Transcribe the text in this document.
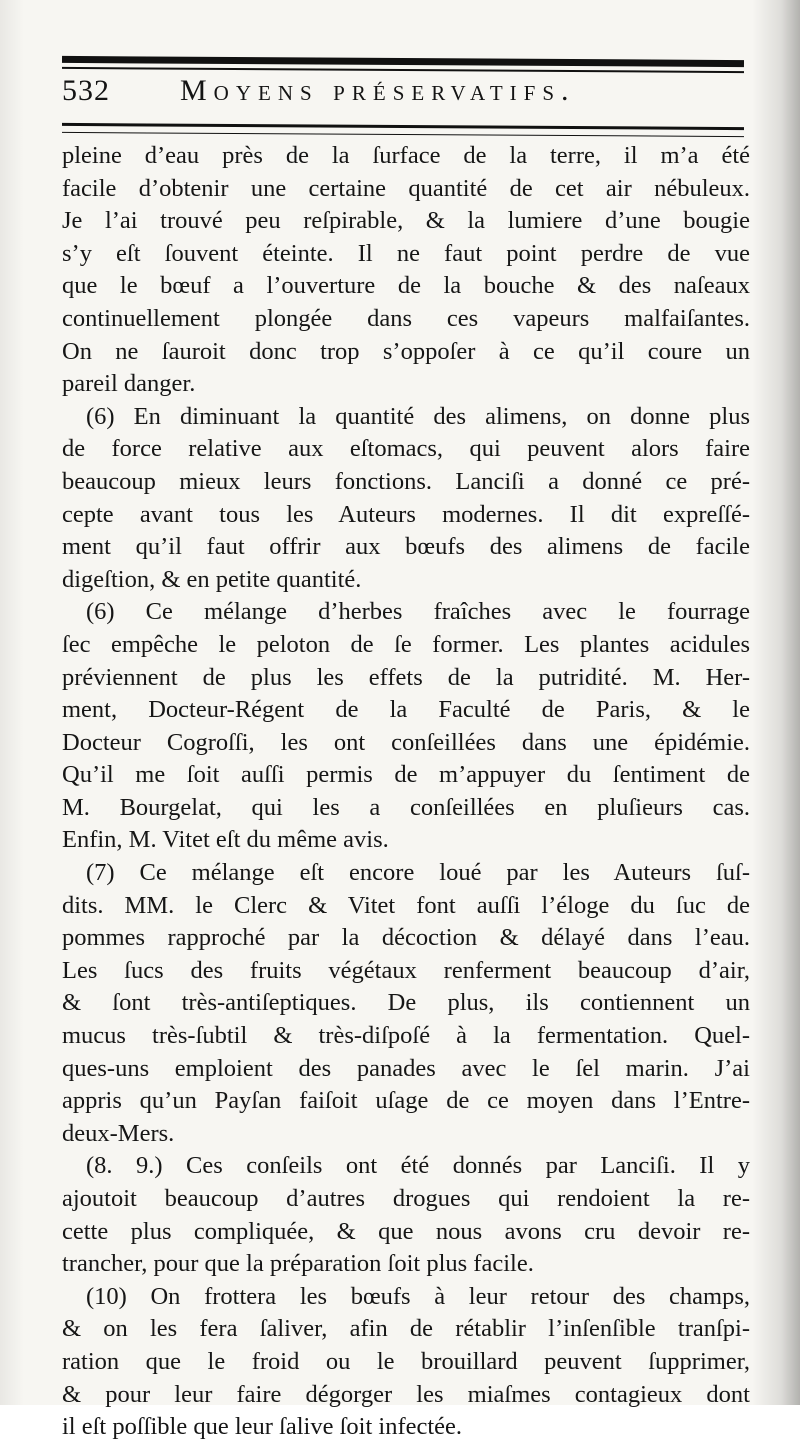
532 Moyens préservatifs.
pleine d’eau près de la ſurface de la terre, il m’a été
facile d’obtenir une certaine quantité de cet air nébuleux.
Je l’ai trouvé peu reſpirable, & la lumiere d’une bougie
s’y eſt ſouvent éteinte. Il ne faut point perdre de vue
que le bœuf a l’ouverture de la bouche & des naſeaux
continuellement plongée dans ces vapeurs malfaiſantes.
On ne ſauroit donc trop s’oppoſer à ce qu’il coure un
pareil danger.
(6) En diminuant la quantité des alimens, on donne plus
de force relative aux eſtomacs, qui peuvent alors faire
beaucoup mieux leurs fonctions. Lanciſi a donné ce pré-
cepte avant tous les Auteurs modernes. Il dit expreſſé-
ment qu’il faut offrir aux bœufs des alimens de facile
digeſtion, & en petite quantité.
(6) Ce mélange d’herbes fraîches avec le fourrage
ſec empêche le peloton de ſe former. Les plantes acidules
préviennent de plus les effets de la putridité. M. Her-
ment, Docteur-Régent de la Faculté de Paris, & le
Docteur Cogroſſi, les ont conſeillées dans une épidémie.
Qu’il me ſoit auſſi permis de m’appuyer du ſentiment de
M. Bourgelat, qui les a conſeillées en pluſieurs cas.
Enfin, M. Vitet eſt du même avis.
(7) Ce mélange eſt encore loué par les Auteurs ſuſ-
dits. MM. le Clerc & Vitet font auſſi l’éloge du ſuc de
pommes rapproché par la décoction & délayé dans l’eau.
Les ſucs des fruits végétaux renferment beaucoup d’air,
& ſont très-antiſeptiques. De plus, ils contiennent un
mucus très-ſubtil & très-diſpoſé à la fermentation. Quel-
ques-uns emploient des panades avec le ſel marin. J’ai
appris qu’un Payſan faiſoit uſage de ce moyen dans l’Entre-
deux-Mers.
(8. 9.) Ces conſeils ont été donnés par Lanciſi. Il y
ajoutoit beaucoup d’autres drogues qui rendoient la re-
cette plus compliquée, & que nous avons cru devoir re-
trancher, pour que la préparation ſoit plus facile.
(10) On frottera les bœufs à leur retour des champs,
& on les fera ſaliver, afin de rétablir l’inſenſible tranſpi-
ration que le froid ou le brouillard peuvent ſupprimer,
& pour leur faire dégorger les miaſmes contagieux dont
il eſt poſſible que leur ſalive ſoit infectée.
